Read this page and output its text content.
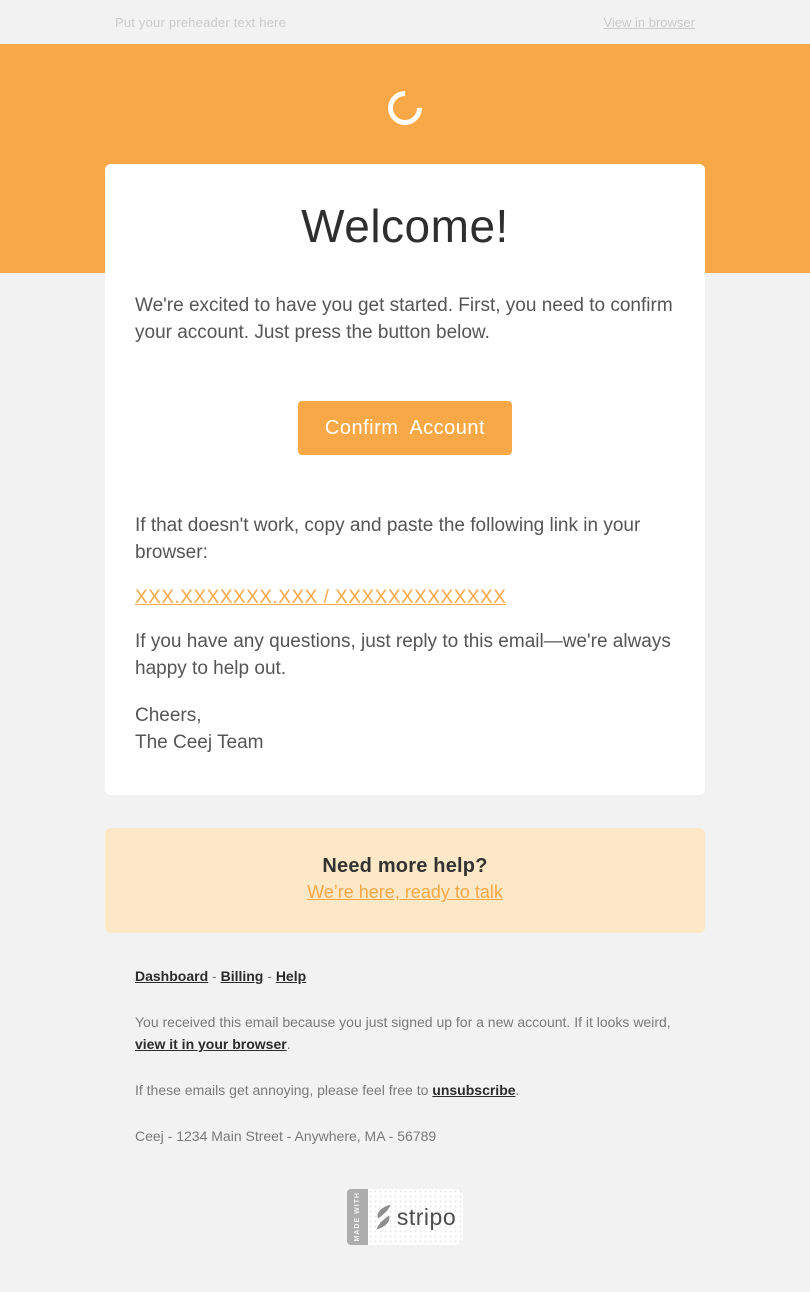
Put your preheader text here	View in browser
Welcome!

We're excited to have you get started. First, you need to confirm your account. Just press the button below.

Confirm Account

If that doesn't work, copy and paste the following link in your browser:

XXX.XXXXXXX.XXX / XXXXXXXXXXXXX

If you have any questions, just reply to this email—we're always happy to help out.

Cheers,
The Ceej Team

Need more help?
We’re here, ready to talk
Dashboard - Billing - Help

You received this email because you just signed up for a new account. If it looks weird, view it in your browser.

If these emails get annoying, please feel free to unsubscribe.

Ceej - 1234 Main Street - Anywhere, MA - 56789

MADE WITH stripo
